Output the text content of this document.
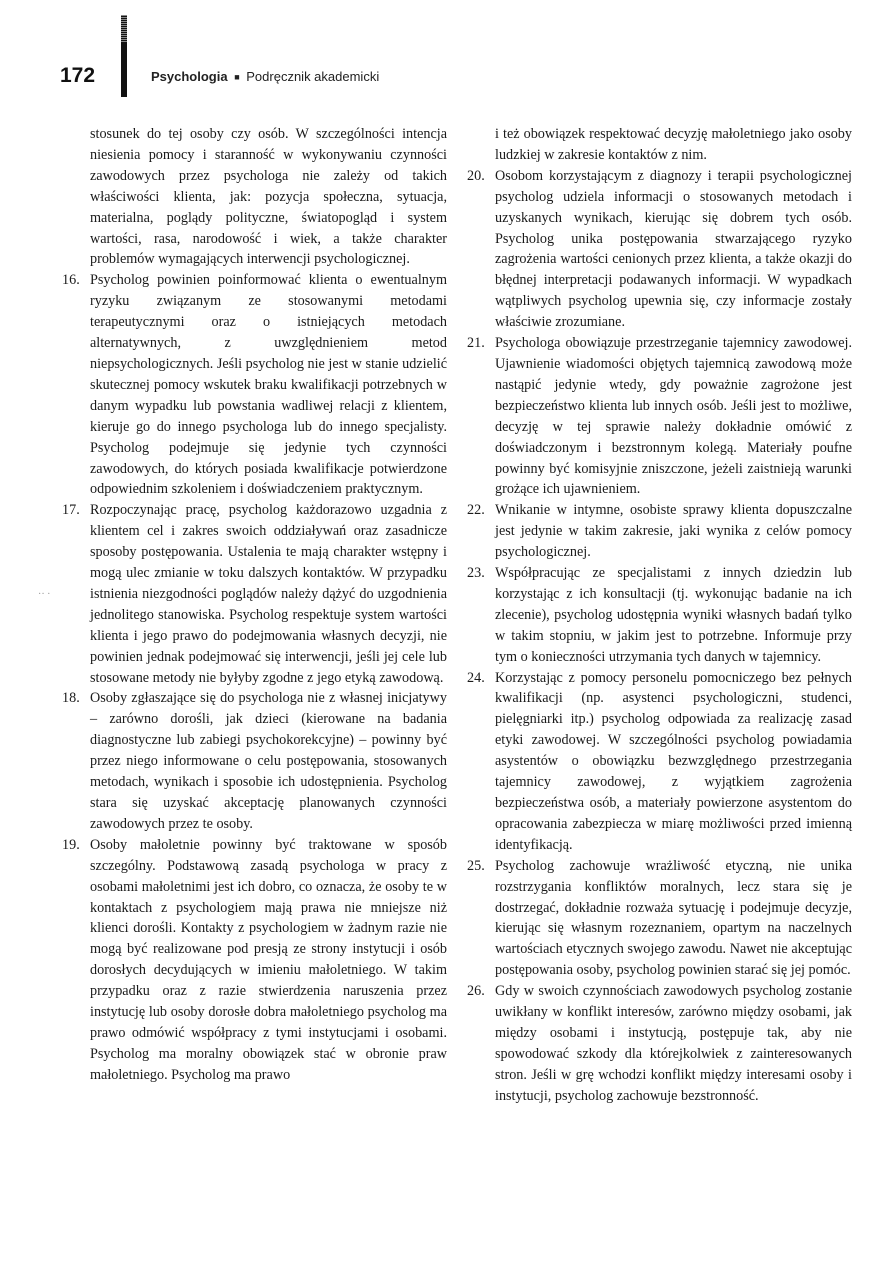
172	Psychologia ■ Podręcznik akademicki
·· ·

stosunek do tej osoby czy osób. W szczególności intencja niesienia pomocy i staranność w wykonywaniu czynności zawodowych przez psychologa nie zależy od takich właściwości klienta, jak: pozycja społeczna, sytuacja, materialna, poglądy polityczne, światopogląd i system wartości, rasa, narodowość i wiek, a także charakter problemów wymagających interwencji psychologicznej.

16. Psycholog powinien poinformować klienta o ewentualnym ryzyku związanym ze stosowanymi metodami terapeutycznymi oraz o istniejących metodach alternatywnych, z uwzględnieniem metod niepsychologicznych. Jeśli psycholog nie jest w stanie udzielić skutecznej pomocy wskutek braku kwalifikacji potrzebnych w danym wypadku lub powstania wadliwej relacji z klientem, kieruje go do innego psychologa lub do innego specjalisty. Psycholog podejmuje się jedynie tych czynności zawodowych, do których posiada kwalifikacje potwierdzone odpowiednim szkoleniem i doświadczeniem praktycznym.
17. Rozpoczynając pracę, psycholog każdorazowo uzgadnia z klientem cel i zakres swoich oddziaływań oraz zasadnicze sposoby postępowania. Ustalenia te mają charakter wstępny i mogą ulec zmianie w toku dalszych kontaktów. W przypadku istnienia niezgodności poglądów należy dążyć do uzgodnienia jednolitego stanowiska. Psycholog respektuje system wartości klienta i jego prawo do podejmowania własnych decyzji, nie powinien jednak podejmować się interwencji, jeśli jej cele lub stosowane metody nie byłyby zgodne z jego etyką zawodową.
18. Osoby zgłaszające się do psychologa nie z własnej inicjatywy – zarówno dorośli, jak dzieci (kierowane na badania diagnostyczne lub zabiegi psychokorekcyjne) – powinny być przez niego informowane o celu postępowania, stosowanych metodach, wynikach i sposobie ich udostępnienia. Psycholog stara się uzyskać akceptację planowanych czynności zawodowych przez te osoby.
19. Osoby małoletnie powinny być traktowane w sposób szczególny. Podstawową zasadą psychologa w pracy z osobami małoletnimi jest ich dobro, co oznacza, że osoby te w kontaktach z psychologiem mają prawa nie mniejsze niż klienci dorośli. Kontakty z psychologiem w żadnym razie nie mogą być realizowane pod presją ze strony instytucji i osób dorosłych decydujących w imieniu małoletniego. W takim przypadku oraz z razie stwierdzenia naruszenia przez instytucję lub osoby dorosłe dobra małoletniego psycholog ma prawo odmówić współpracy z tymi instytucjami i osobami. Psycholog ma moralny obowiązek stać w obronie praw małoletniego. Psycholog ma prawo

i też obowiązek respektować decyzję małoletniego jako osoby ludzkiej w zakresie kontaktów z nim.

20. Osobom korzystającym z diagnozy i terapii psychologicznej psycholog udziela informacji o stosowanych metodach i uzyskanych wynikach, kierując się dobrem tych osób. Psycholog unika postępowania stwarzającego ryzyko zagrożenia wartości cenionych przez klienta, a także okazji do błędnej interpretacji podawanych informacji. W wypadkach wątpliwych psycholog upewnia się, czy informacje zostały właściwie zrozumiane.
21. Psychologa obowiązuje przestrzeganie tajemnicy zawodowej. Ujawnienie wiadomości objętych tajemnicą zawodową może nastąpić jedynie wtedy, gdy poważnie zagrożone jest bezpieczeństwo klienta lub innych osób. Jeśli jest to możliwe, decyzję w tej sprawie należy dokładnie omówić z doświadczonym i bezstronnym kolegą. Materiały poufne powinny być komisyjnie zniszczone, jeżeli zaistnieją warunki grożące ich ujawnieniem.
22. Wnikanie w intymne, osobiste sprawy klienta dopuszczalne jest jedynie w takim zakresie, jaki wynika z celów pomocy psychologicznej.
23. Współpracując ze specjalistami z innych dziedzin lub korzystając z ich konsultacji (tj. wykonując badanie na ich zlecenie), psycholog udostępnia wyniki własnych badań tylko w takim stopniu, w jakim jest to potrzebne. Informuje przy tym o konieczności utrzymania tych danych w tajemnicy.
24. Korzystając z pomocy personelu pomocniczego bez pełnych kwalifikacji (np. asystenci psychologiczni, studenci, pielęgniarki itp.) psycholog odpowiada za realizację zasad etyki zawodowej. W szczególności psycholog powiadamia asystentów o obowiązku bezwzględnego przestrzegania tajemnicy zawodowej, z wyjątkiem zagrożenia bezpieczeństwa osób, a materiały powierzone asystentom do opracowania zabezpiecza w miarę możliwości przed imienną identyfikacją.
25. Psycholog zachowuje wrażliwość etyczną, nie unika rozstrzygania konfliktów moralnych, lecz stara się je dostrzegać, dokładnie rozważa sytuację i podejmuje decyzje, kierując się własnym rozeznaniem, opartym na naczelnych wartościach etycznych swojego zawodu. Nawet nie akceptując postępowania osoby, psycholog powinien starać się jej pomóc.
26. Gdy w swoich czynnościach zawodowych psycholog zostanie uwikłany w konflikt interesów, zarówno między osobami, jak między osobami i instytucją, postępuje tak, aby nie spowodować szkody dla którejkolwiek z zainteresowanych stron. Jeśli w grę wchodzi konflikt między interesami osoby i instytucji, psycholog zachowuje bezstronność.
